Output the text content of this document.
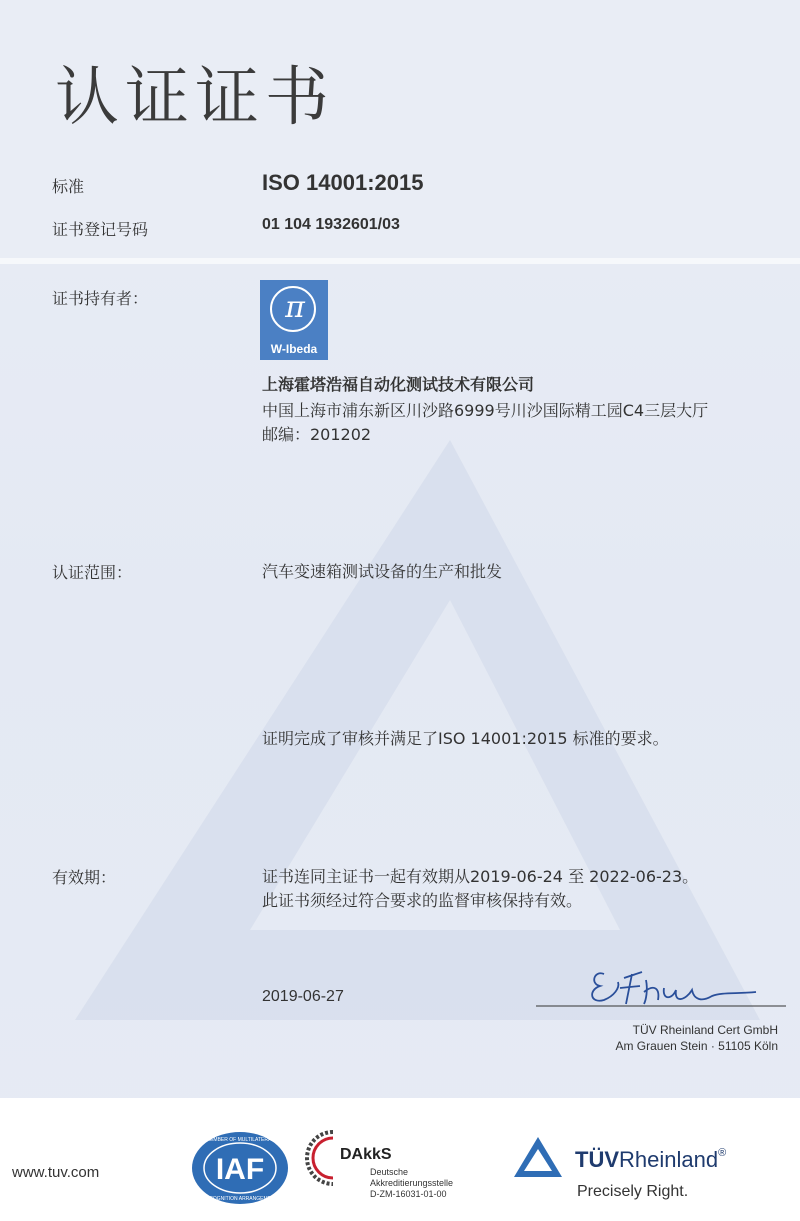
认证证书
标准	ISO 14001:2015
证书登记号码	01 104 1932601/03
证书持有者：	π
W-Ibeda
上海霍塔浩福自动化测试技术有限公司
中国上海市浦东新区川沙路6999号川沙国际精工园C4三层大厅
邮编：201202
认证范围：	汽车变速箱测试设备的生产和批发
证明完成了审核并满足了ISO 14001:2015 标准的要求。
有效期：	证书连同主证书一起有效期从2019-06-24 至 2022-06-23。
此证书须经过符合要求的监督审核保持有效。
2019-06-27
TÜV Rheinland Cert GmbH
Am Grauen Stein · 51105 Köln
www.tuv.com	IAF
MEMBER OF MULTILATERAL
RECOGNITION ARRANGEMENT
DAkkS
Deutsche
Akkreditierungsstelle
D-ZM-16031-01-00
TÜVRheinland®
Precisely Right.
